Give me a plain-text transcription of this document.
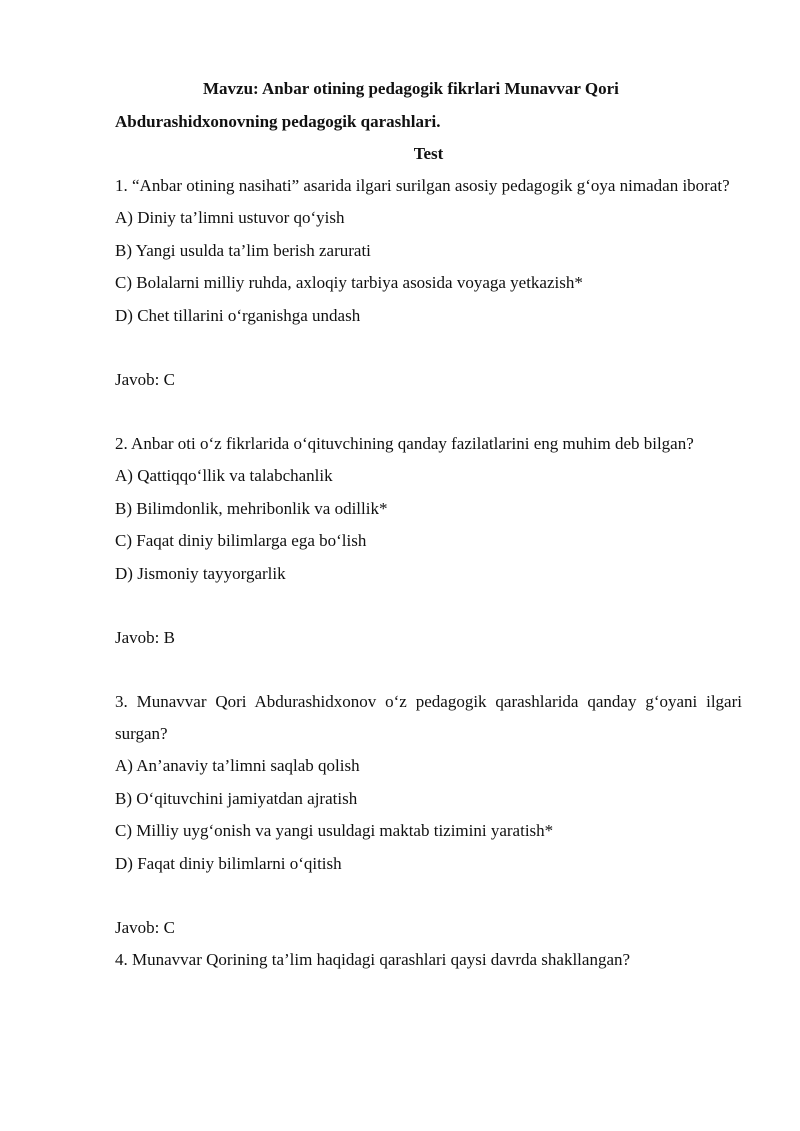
Mavzu: Anbar otining pedagogik fikrlari Munavvar Qori
Abdurashidxonovning pedagogik qarashlari.

Test

1. “Anbar otining nasihati” asarida ilgari surilgan asosiy pedagogik g‘oya nimadan iborat?

A) Diniy ta’limni ustuvor qo‘yish

B) Yangi usulda ta’lim berish zarurati

C) Bolalarni milliy ruhda, axloqiy tarbiya asosida voyaga yetkazish*

D) Chet tillarini o‘rganishga undash

Javob: C

2. Anbar oti o‘z fikrlarida o‘qituvchining qanday fazilatlarini eng muhim deb bilgan?

A) Qattiqqo‘llik va talabchanlik

B) Bilimdonlik, mehribonlik va odillik*

C) Faqat diniy bilimlarga ega bo‘lish

D) Jismoniy tayyorgarlik

Javob: B

3. Munavvar Qori Abdurashidxonov o‘z pedagogik qarashlarida qanday g‘oyani ilgari surgan?

A) An’anaviy ta’limni saqlab qolish

B) O‘qituvchini jamiyatdan ajratish

C) Milliy uyg‘onish va yangi usuldagi maktab tizimini yaratish*

D) Faqat diniy bilimlarni o‘qitish

Javob: C

4. Munavvar Qorining ta’lim haqidagi qarashlari qaysi davrda shakllangan?
